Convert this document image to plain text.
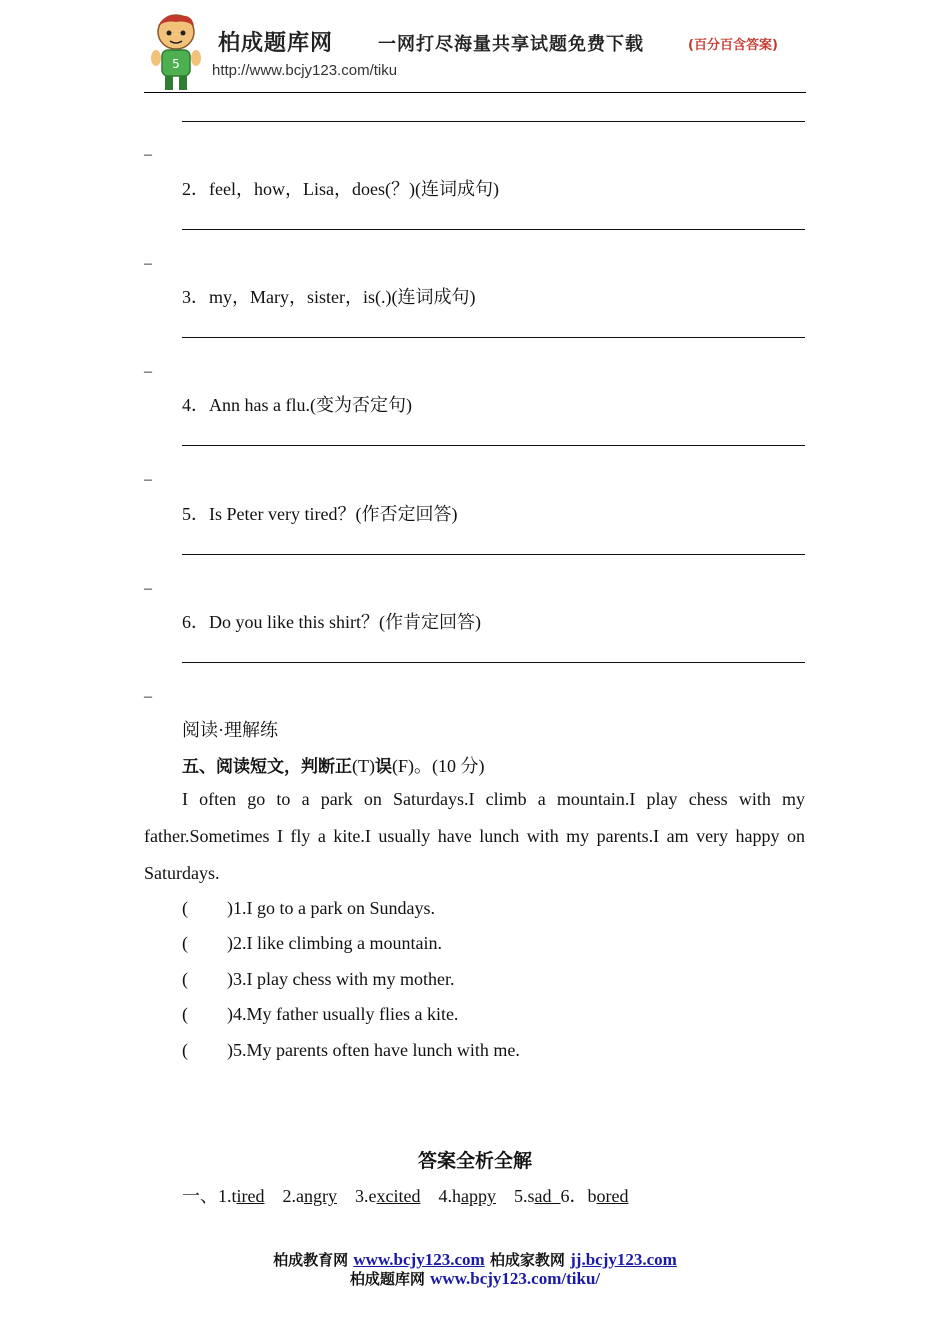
5
柏成题库网 一网打尽海量共享试题免费下载	(百分百含答案)
http://www.bcjy123.com/tiku
–
2．feel，how，Lisa，does(？)(连词成句)
–
3．my，Mary，sister，is(.)(连词成句)
–
4．Ann has a flu.(变为否定句)
–
5．Is Peter very tired？(作否定回答)
–
6．Do you like this shirt？(作肯定回答)
–
阅读·理解练
五、阅读短文，判断正(T)误(F)。(10 分)
I often go to a park on Saturdays.I climb a mountain.I play chess with my
father.Sometimes I fly a kite.I usually have lunch with my parents.I am very happy on
Saturdays.
( )1.I go to a park on Sundays.
( )2.I like climbing a mountain.
( )3.I play chess with my mother.
( )4.My father usually flies a kite.
( )5.My parents often have lunch with me.
答案全析全解
一、1.tired 2.angry 3.excited 4.happy 5.sad  6．bored
柏成教育网 www.bcjy123.com 柏成家教网 jj.bcjy123.com
柏成题库网 www.bcjy123.com/tiku/
